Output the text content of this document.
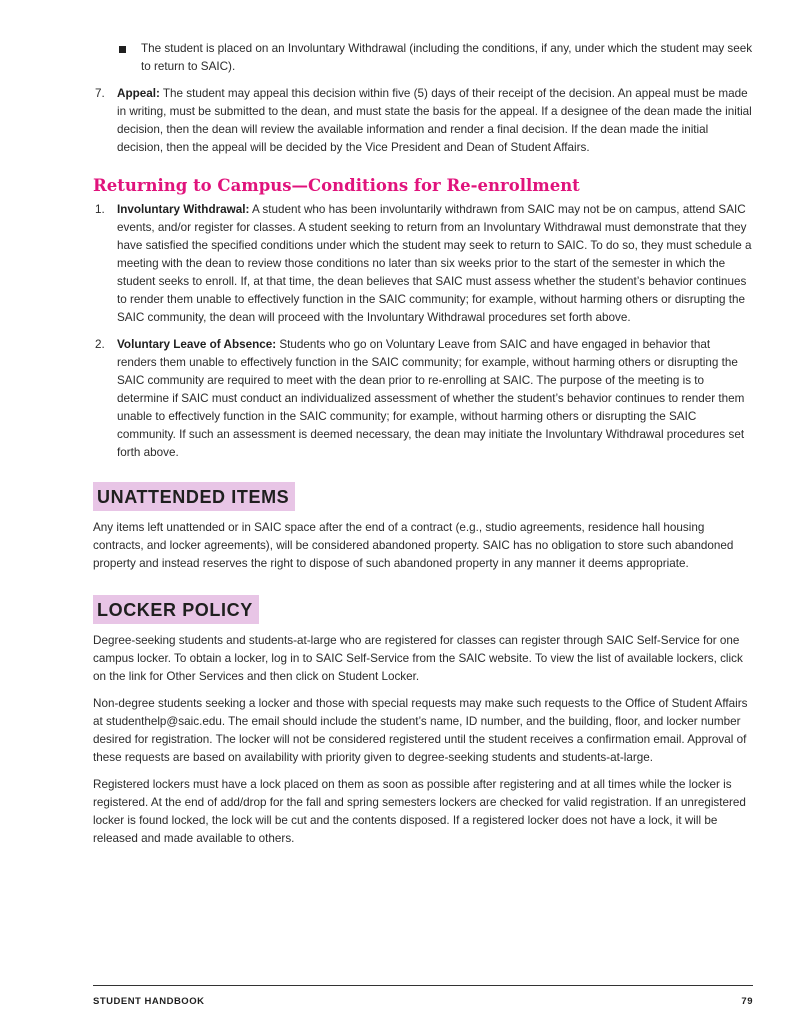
The student is placed on an Involuntary Withdrawal (including the conditions, if any, under which the student may seek to return to SAIC).
7. Appeal: The student may appeal this decision within five (5) days of their receipt of the decision. An appeal must be made in writing, must be submitted to the dean, and must state the basis for the appeal. If a designee of the dean made the initial decision, then the dean will review the available information and render a final decision. If the dean made the initial decision, then the appeal will be decided by the Vice President and Dean of Student Affairs.
Returning to Campus—Conditions for Re-enrollment
1. Involuntary Withdrawal: A student who has been involuntarily withdrawn from SAIC may not be on campus, attend SAIC events, and/or register for classes. A student seeking to return from an Involuntary Withdrawal must demonstrate that they have satisfied the specified conditions under which the student may seek to return to SAIC. To do so, they must schedule a meeting with the dean to review those conditions no later than six weeks prior to the start of the semester in which the student seeks to enroll. If, at that time, the dean believes that SAIC must assess whether the student’s behavior continues to render them unable to effectively function in the SAIC community; for example, without harming others or disrupting the SAIC community, the dean will proceed with the Involuntary Withdrawal procedures set forth above.
2. Voluntary Leave of Absence: Students who go on Voluntary Leave from SAIC and have engaged in behavior that renders them unable to effectively function in the SAIC community; for example, without harming others or disrupting the SAIC community are required to meet with the dean prior to re-enrolling at SAIC. The purpose of the meeting is to determine if SAIC must conduct an individualized assessment of whether the student’s behavior continues to render them unable to effectively function in the SAIC community; for example, without harming others or disrupting the SAIC community. If such an assessment is deemed necessary, the dean may initiate the Involuntary Withdrawal procedures set forth above.
UNATTENDED ITEMS

Any items left unattended or in SAIC space after the end of a contract (e.g., studio agreements, residence hall housing contracts, and locker agreements), will be considered abandoned property. SAIC has no obligation to store such abandoned property and instead reserves the right to dispose of such abandoned property in any manner it deems appropriate.

LOCKER POLICY

Degree-seeking students and students-at-large who are registered for classes can register through SAIC Self-Service for one campus locker. To obtain a locker, log in to SAIC Self-Service from the SAIC website. To view the list of available lockers, click on the link for Other Services and then click on Student Locker.

Non-degree students seeking a locker and those with special requests may make such requests to the Office of Student Affairs at studenthelp@saic.edu. The email should include the student’s name, ID number, and the building, floor, and locker number desired for registration. The locker will not be considered registered until the student receives a confirmation email. Approval of these requests are based on availability with priority given to degree-seeking students and students-at-large.

Registered lockers must have a lock placed on them as soon as possible after registering and at all times while the locker is registered. At the end of add/drop for the fall and spring semesters lockers are checked for valid registration. If an unregistered locker is found locked, the lock will be cut and the contents disposed. If a registered locker does not have a lock, it will be released and made available to others.

STUDENT HANDBOOK	79
